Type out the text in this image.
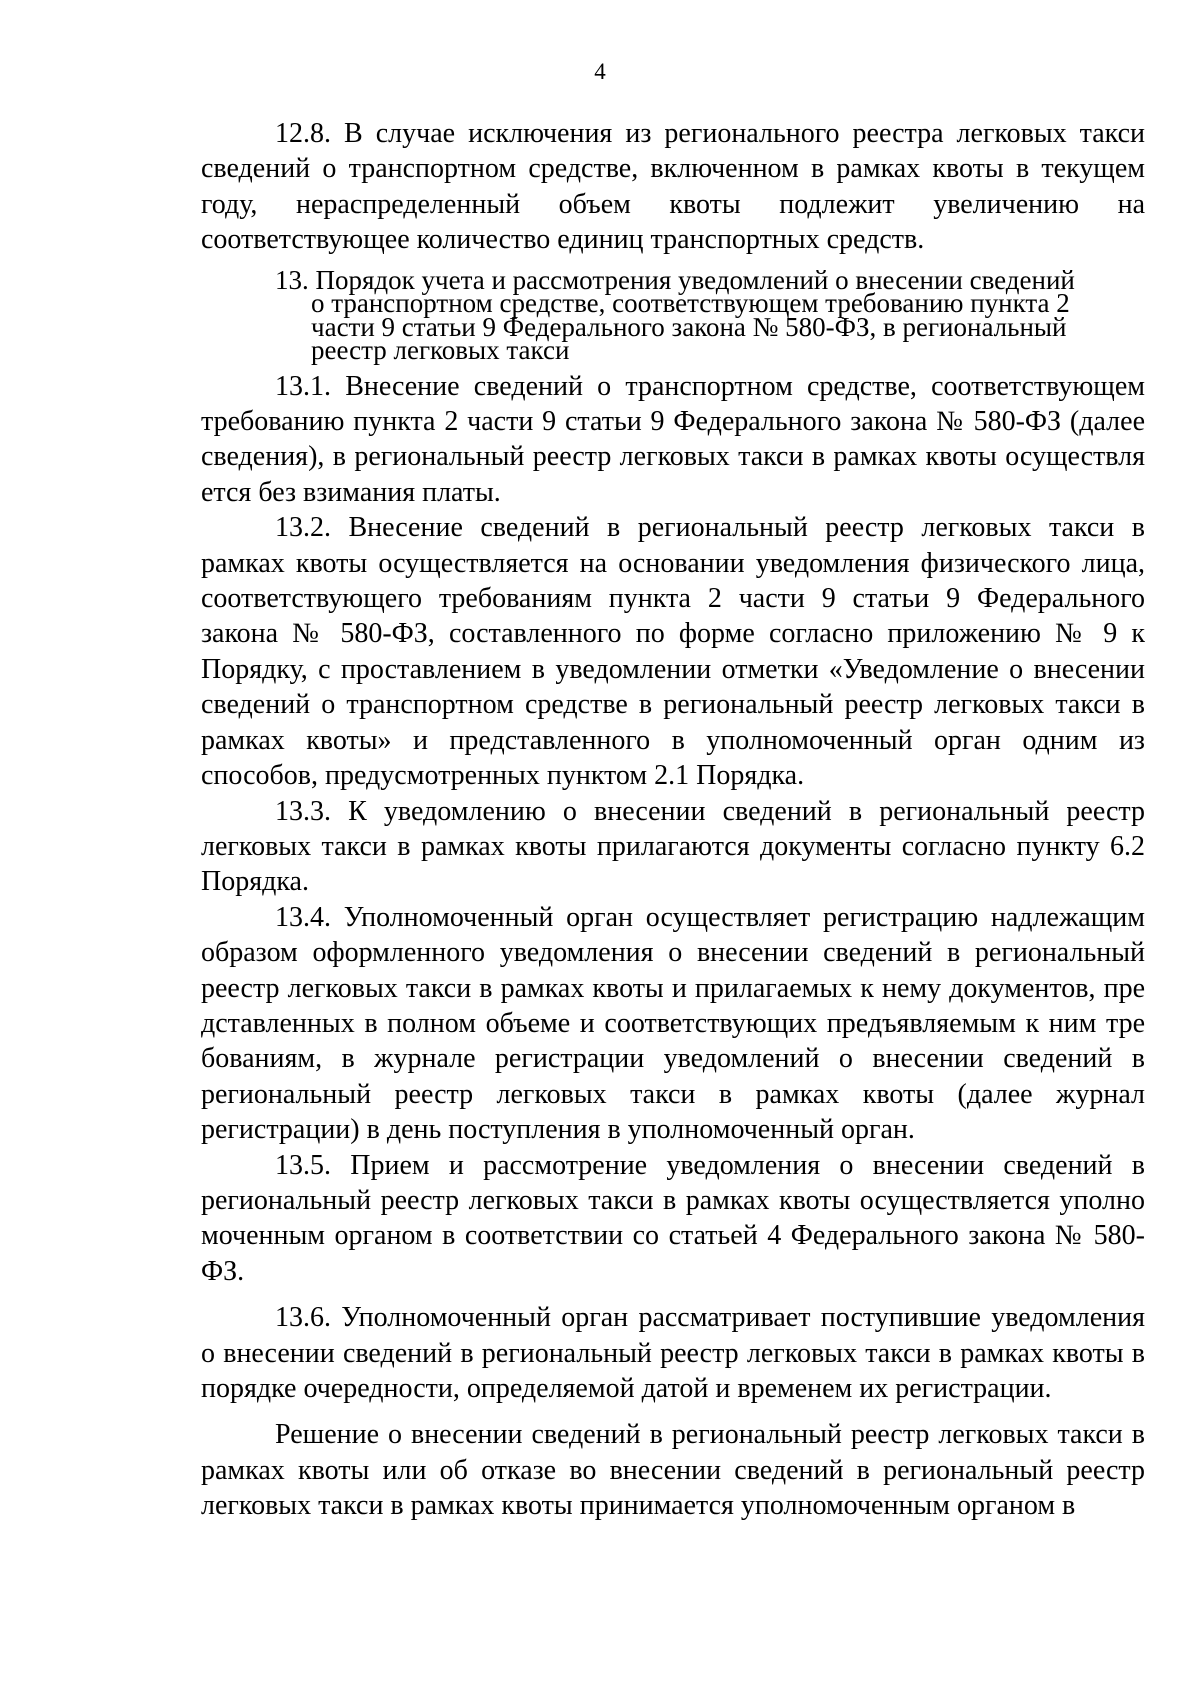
4

12.8. В случае исключения из регионального реестра легковых такси сведений о транспортном средстве, включенном в рамках квоты в текущем году, нераспределенный объем квоты подлежит увеличению на соответствующее количество единиц транспортных средств.

13. Порядок учета и рассмотрения уведомлений о внесении сведений
о транспортном средстве, соответствующем требованию пункта 2
части 9 статьи 9 Федерального закона № 580-ФЗ, в региональный
реестр легковых такси

13.1. Внесение сведений о транспортном средстве, соответствующем требованию пункта 2 части 9 статьи 9 Федерального закона № 580-ФЗ (далее сведения), в региональный реестр легковых такси в рамках квоты осуществля ется без взимания платы.

13.2. Внесение сведений в региональный реестр легковых такси в рамках квоты осуществляется на основании уведомления физического лица, соответствующего требованиям пункта 2 части 9 статьи 9 Федерального закона № 580-ФЗ, составленного по форме согласно приложению № 9 к Порядку, с проставлением в уведомлении отметки «Уведомление о внесении сведений о транспортном средстве в региональный реестр легковых такси в рамках квоты» и представленного в уполномоченный орган одним из способов, предусмотренных пунктом 2.1 Порядка.

13.3. К уведомлению о внесении сведений в региональный реестр легковых такси в рамках квоты прилагаются документы согласно пункту 6.2 Порядка.

13.4. Уполномоченный орган осуществляет регистрацию надлежащим образом оформленного уведомления о внесении сведений в региональный реестр легковых такси в рамках квоты и прилагаемых к нему документов, пре дставленных в полном объеме и соответствующих предъявляемым к ним тре бованиям, в журнале регистрации уведомлений о внесении сведений в региональный реестр легковых такси в рамках квоты (далее журнал регистрации) в день поступления в уполномоченный орган.

13.5. Прием и рассмотрение уведомления о внесении сведений в региональный реестр легковых такси в рамках квоты осуществляется уполно моченным органом в соответствии со статьей 4 Федерального закона № 580-ФЗ.

13.6. Уполномоченный орган рассматривает поступившие уведомления о внесении сведений в региональный реестр легковых такси в рамках квоты в порядке очередности, определяемой датой и временем их регистрации.

Решение о внесении сведений в региональный реестр легковых такси в рамках квоты или об отказе во внесении сведений в региональный реестр легковых такси в рамках квоты принимается уполномоченным органом в
